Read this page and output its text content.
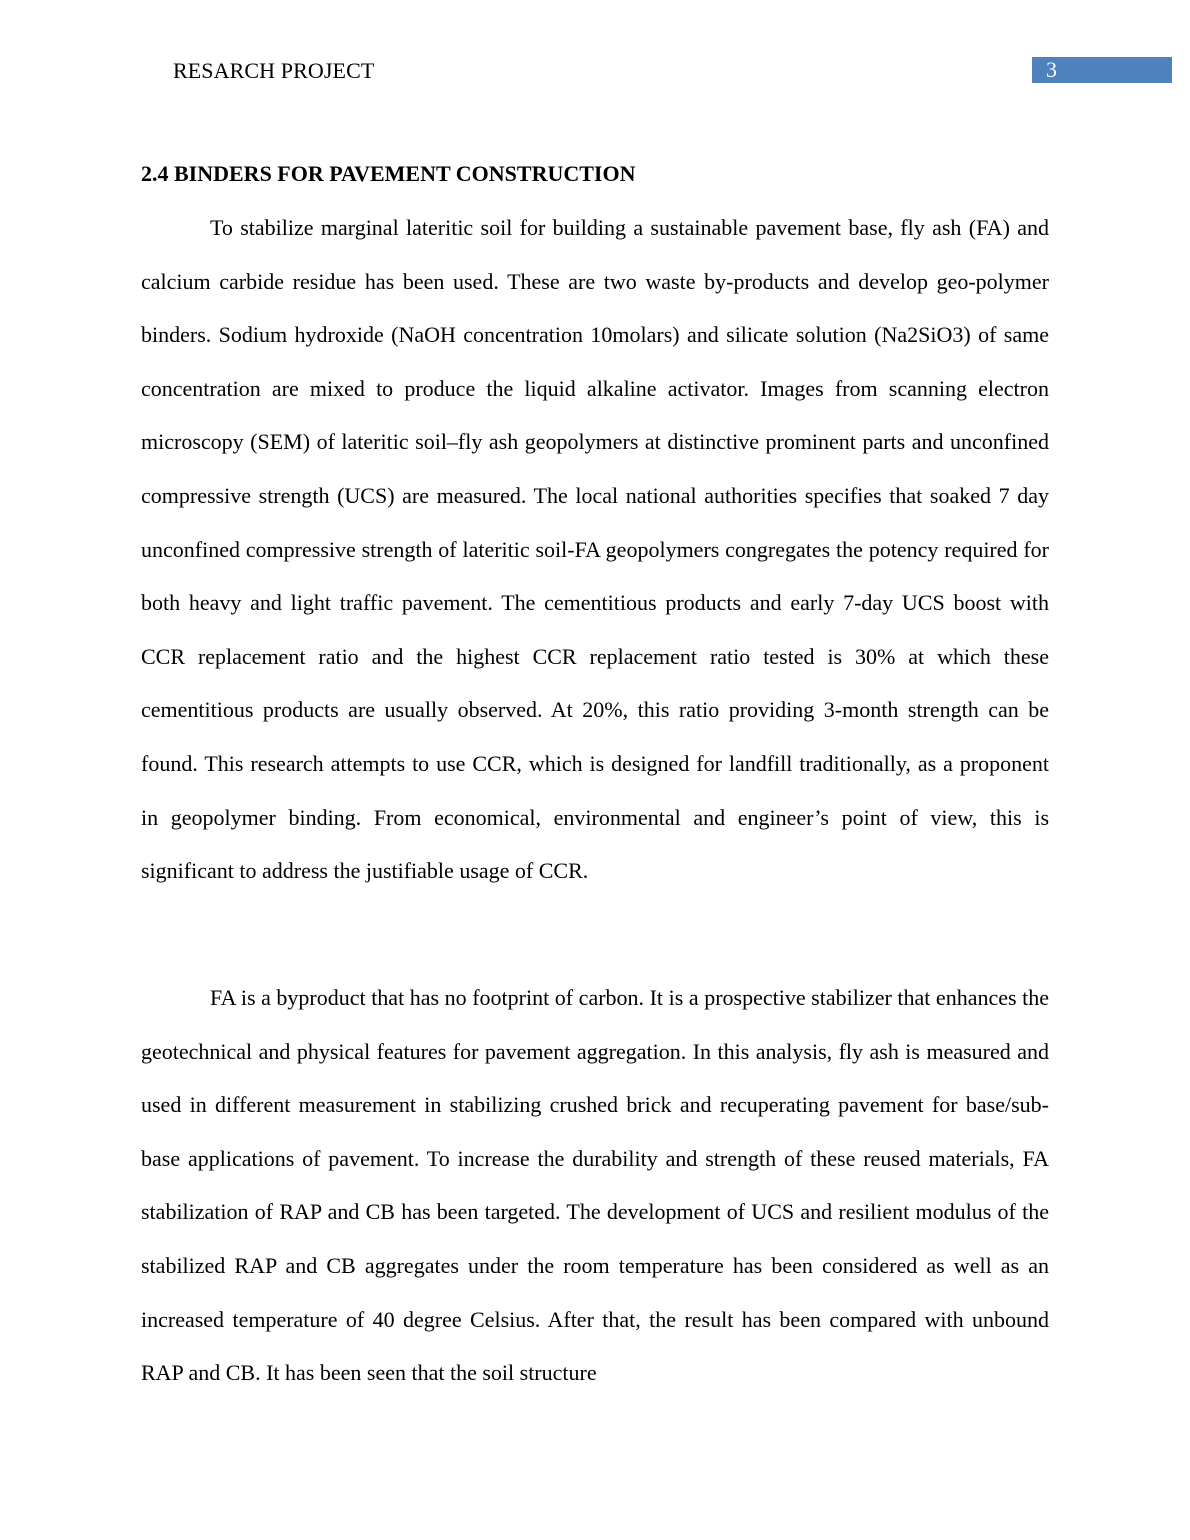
RESARCH PROJECT	3
2.4 BINDERS FOR PAVEMENT CONSTRUCTION

To stabilize marginal lateritic soil for building a sustainable pavement base, fly ash (FA) and calcium carbide residue has been used. These are two waste by-products and develop geo-polymer binders. Sodium hydroxide (NaOH concentration 10molars) and silicate solution (Na2SiO3) of same concentration are mixed to produce the liquid alkaline activator. Images from scanning electron microscopy (SEM) of lateritic soil–fly ash geopolymers at distinctive prominent parts and unconfined compressive strength (UCS) are measured. The local national authorities specifies that soaked 7 day unconfined compressive strength of lateritic soil-FA geopolymers congregates the potency required for both heavy and light traffic pavement. The cementitious products and early 7-day UCS boost with CCR replacement ratio and the highest CCR replacement ratio tested is 30% at which these cementitious products are usually observed. At 20%, this ratio providing 3-month strength can be found. This research attempts to use CCR, which is designed for landfill traditionally, as a proponent in geopolymer binding. From economical, environmental and engineer’s point of view, this is significant to address the justifiable usage of CCR.

FA is a byproduct that has no footprint of carbon. It is a prospective stabilizer that enhances the geotechnical and physical features for pavement aggregation. In this analysis, fly ash is measured and used in different measurement in stabilizing crushed brick and recuperating pavement for base/sub-base applications of pavement. To increase the durability and strength of these reused materials, FA stabilization of RAP and CB has been targeted. The development of UCS and resilient modulus of the stabilized RAP and CB aggregates under the room temperature has been considered as well as an increased temperature of 40 degree Celsius. After that, the result has been compared with unbound RAP and CB. It has been seen that the soil structure
